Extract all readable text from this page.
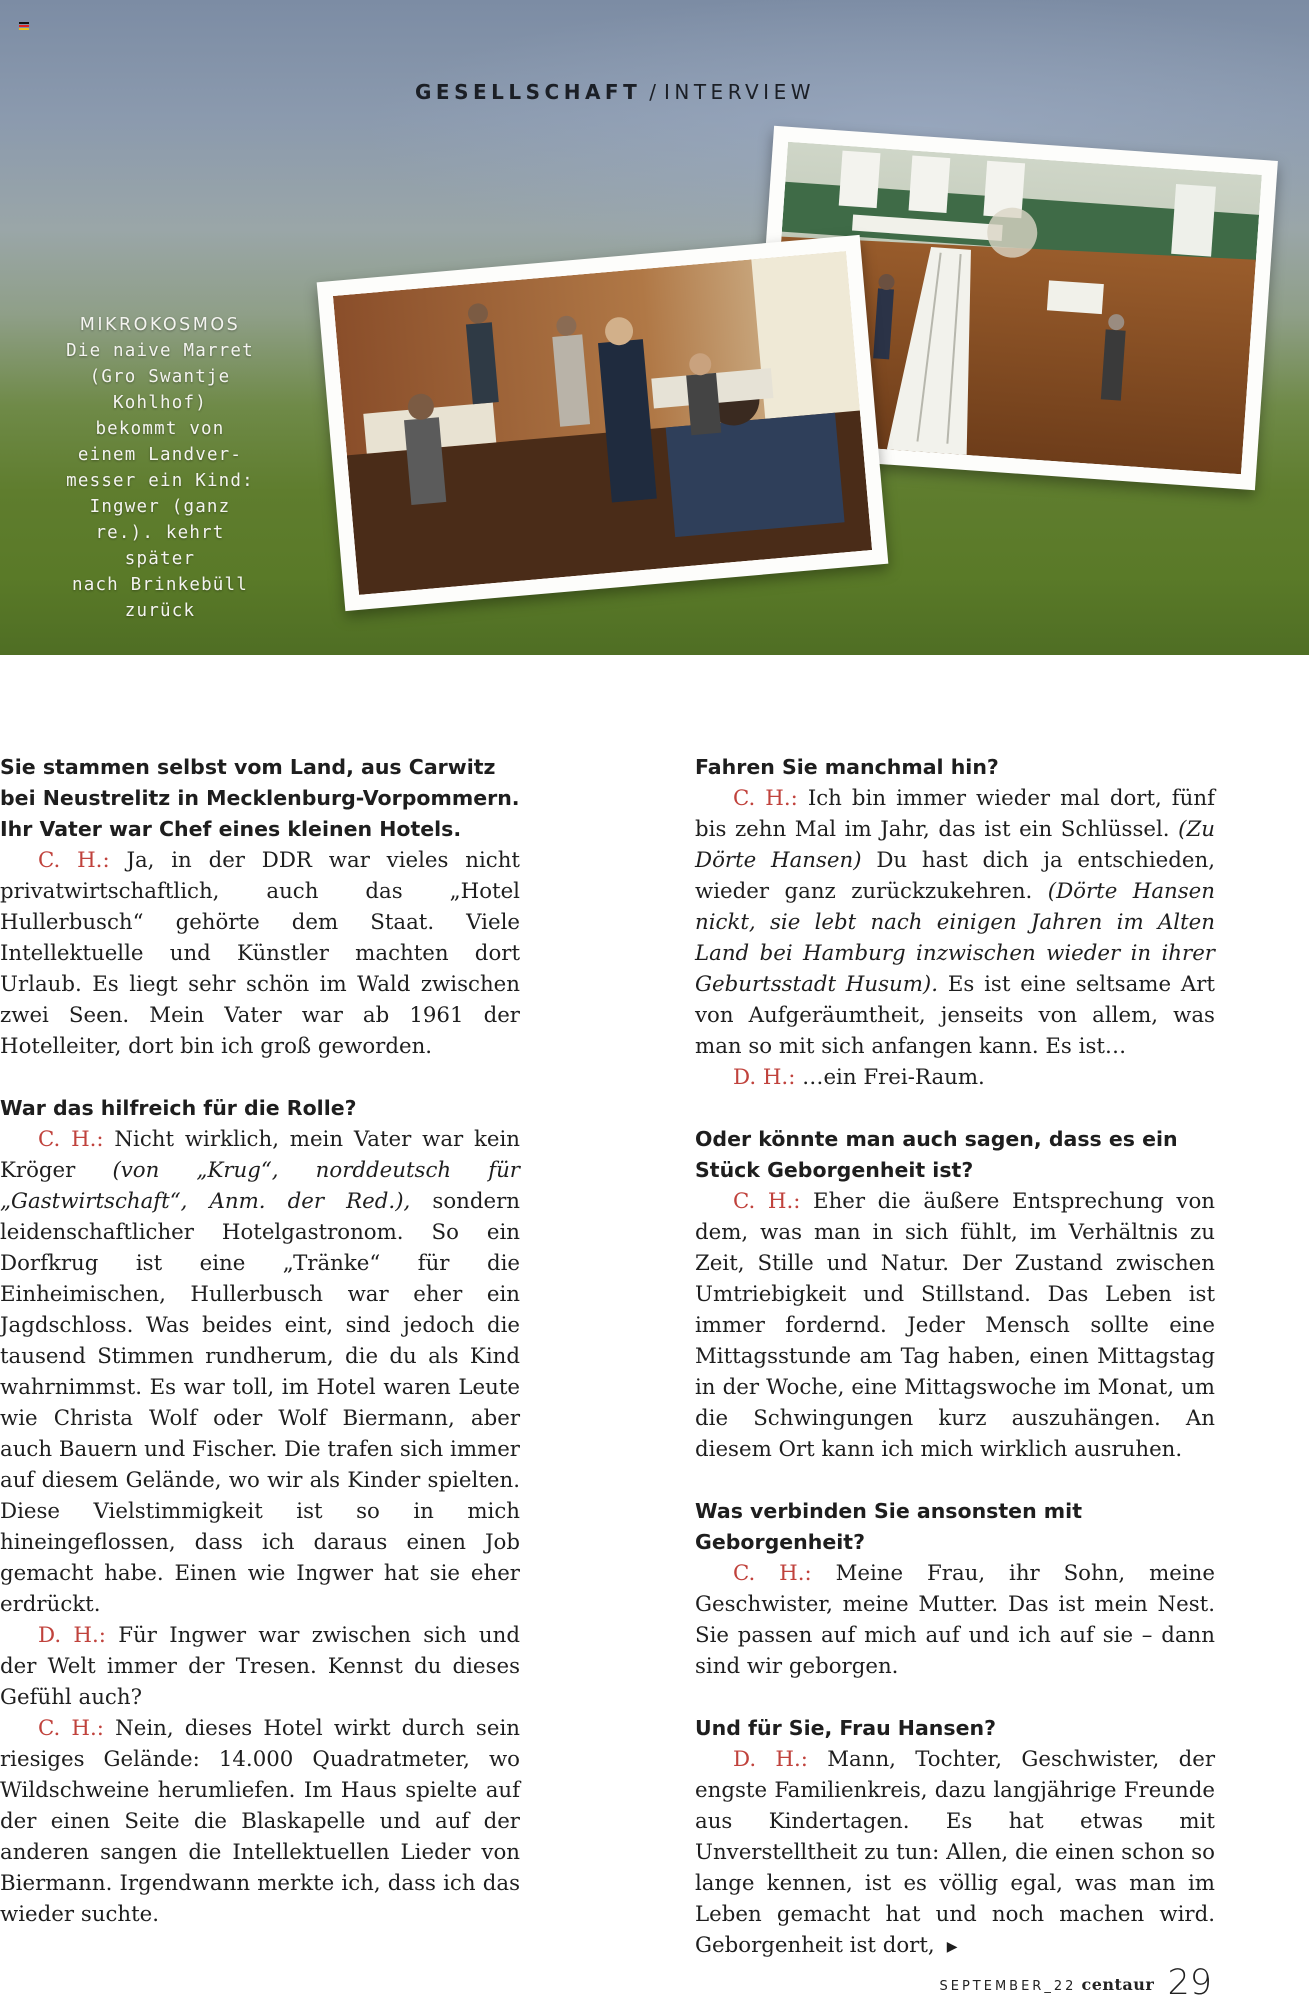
GESELLSCHAFT / INTERVIEW
MIKROKOSMOS
Die naive Marret
(Gro Swantje
Kohlhof)
bekommt von
einem Landver-
messer ein Kind:
Ingwer (ganz
re.). kehrt später
nach Brinkebüll
zurück

Sie stammen selbst vom Land, aus Carwitz bei Neustrelitz in Mecklenburg-Vorpommern. Ihr Vater war Chef eines kleinen Hotels.

C. H.: Ja, in der DDR war vieles nicht privatwirtschaftlich, auch das „Hotel Hullerbusch“ gehörte dem Staat. Viele Intellektuelle und Künstler machten dort Urlaub. Es liegt sehr schön im Wald zwischen zwei Seen. Mein Vater war ab 1961 der Hotelleiter, dort bin ich groß geworden.

War das hilfreich für die Rolle?

C. H.: Nicht wirklich, mein Vater war kein Kröger (von „Krug“, norddeutsch für „Gastwirtschaft“, Anm. der Red.), sondern leidenschaftlicher Hotelgastronom. So ein Dorfkrug ist eine „Tränke“ für die Einheimischen, Hullerbusch war eher ein Jagdschloss. Was beides eint, sind jedoch die tausend Stimmen rundherum, die du als Kind wahrnimmst. Es war toll, im Hotel waren Leute wie Christa Wolf oder Wolf Biermann, aber auch Bauern und Fischer. Die trafen sich immer auf diesem Gelände, wo wir als Kinder spielten. Diese Vielstimmigkeit ist so in mich hineingeflossen, dass ich daraus einen Job gemacht habe. Einen wie Ingwer hat sie eher erdrückt.

D. H.: Für Ingwer war zwischen sich und der Welt immer der Tresen. Kennst du dieses Gefühl auch?

C. H.: Nein, dieses Hotel wirkt durch sein riesiges Gelände: 14.000 Quadratmeter, wo Wildschweine herumliefen. Im Haus spielte auf der einen Seite die Blaskapelle und auf der anderen sangen die Intellektuellen Lieder von Biermann. Irgendwann merkte ich, dass ich das wieder suchte.

Fahren Sie manchmal hin?

C. H.: Ich bin immer wieder mal dort, fünf bis zehn Mal im Jahr, das ist ein Schlüssel. (Zu Dörte Hansen) Du hast dich ja entschieden, wieder ganz zurückzukehren. (Dörte Hansen nickt, sie lebt nach einigen Jahren im Alten Land bei Hamburg inzwischen wieder in ihrer Geburtsstadt Husum). Es ist eine seltsame Art von Aufgeräumtheit, jenseits von allem, was man so mit sich anfangen kann. Es ist…

D. H.: …ein Frei-Raum.

Oder könnte man auch sagen, dass es ein Stück Geborgenheit ist?

C. H.: Eher die äußere Entsprechung von dem, was man in sich fühlt, im Verhältnis zu Zeit, Stille und Natur. Der Zustand zwischen Umtriebigkeit und Stillstand. Das Leben ist immer fordernd. Jeder Mensch sollte eine Mittagsstunde am Tag haben, einen Mittagstag in der Woche, eine Mittagswoche im Monat, um die Schwingungen kurz auszuhängen. An diesem Ort kann ich mich wirklich ausruhen.

Was verbinden Sie ansonsten mit Geborgenheit?

C. H.: Meine Frau, ihr Sohn, meine Geschwister, meine Mutter. Das ist mein Nest. Sie passen auf mich auf und ich auf sie – dann sind wir geborgen.

Und für Sie, Frau Hansen?

D. H.: Mann, Tochter, Geschwister, der engste Familienkreis, dazu langjährige Freunde aus Kindertagen. Es hat etwas mit Unverstelltheit zu tun: Allen, die einen schon so lange kennen, ist es völlig egal, was man im Leben gemacht hat und noch machen wird. Geborgenheit ist dort, ▶

SEPTEMBER_22 centaur 29
